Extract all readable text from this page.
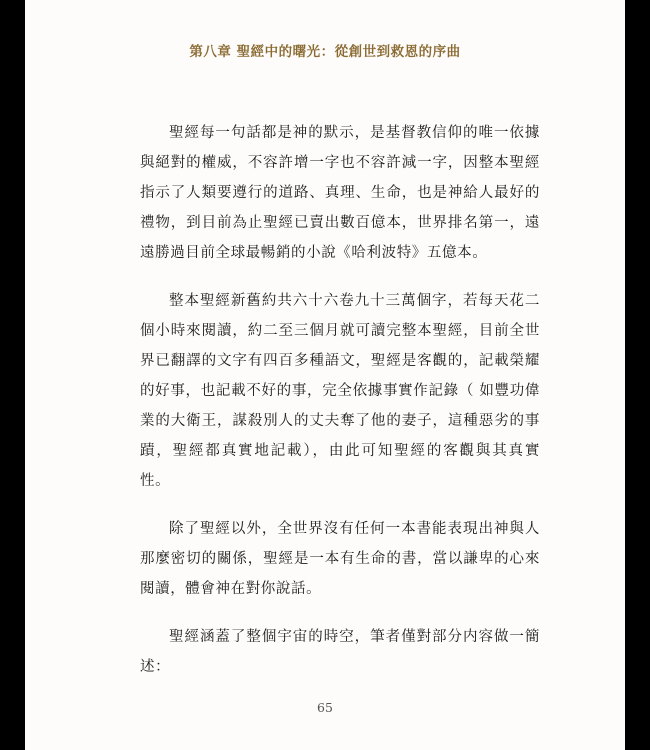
第八章 聖經中的曙光：從創世到救恩的序曲

聖經每一句話都是神的默示，是基督教信仰的唯一依據與絕對的權威，不容許增一字也不容許減一字，因整本聖經指示了人類要遵行的道路、真理、生命，也是神給人最好的禮物，到目前為止聖經已賣出數百億本，世界排名第一，遠遠勝過目前全球最暢銷的小說《哈利波特》五億本。

整本聖經新舊約共六十六卷九十三萬個字，若每天花二個小時來閱讀，約二至三個月就可讀完整本聖經，目前全世界已翻譯的文字有四百多種語文，聖經是客觀的，記載榮耀的好事，也記載不好的事，完全依據事實作記錄（ 如豐功偉業的大衛王，謀殺別人的丈夫奪了他的妻子，這種惡劣的事蹟，聖經都真實地記載），由此可知聖經的客觀與其真實性。

除了聖經以外，全世界沒有任何一本書能表現出神與人那麼密切的關係，聖經是一本有生命的書，當以謙卑的心來閱讀，體會神在對你說話。

聖經涵蓋了整個宇宙的時空，筆者僅對部分内容做一簡述：

65
